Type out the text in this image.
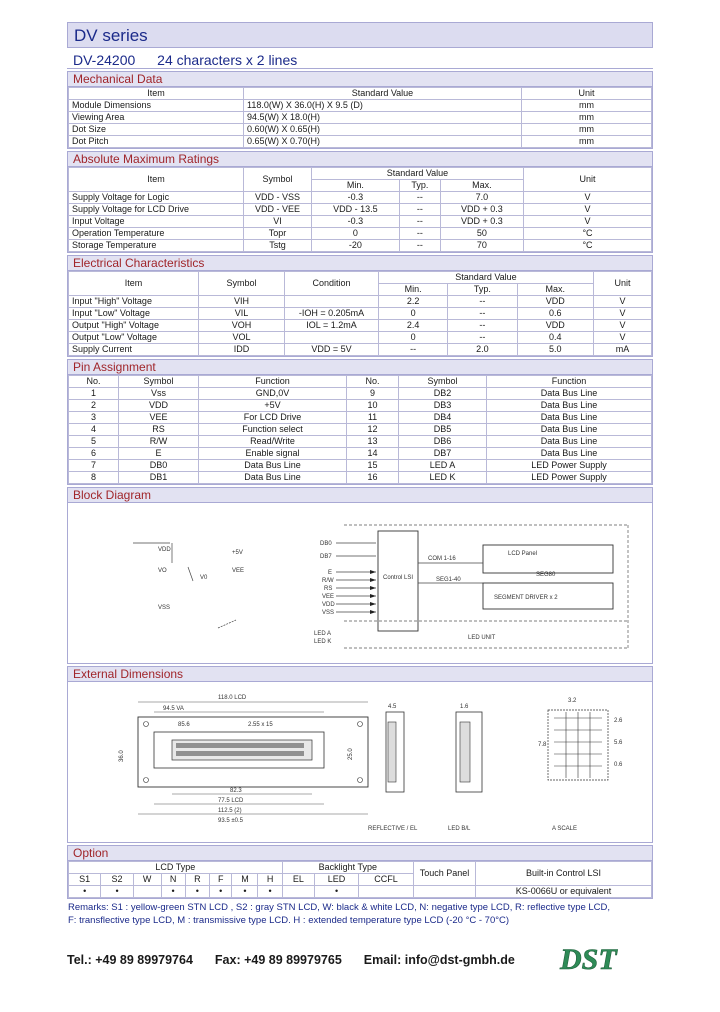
DV series
DV-24200 24 characters x 2 lines
Mechanical Data
Item	Standard Value	Unit
Module Dimensions	118.0(W) X 36.0(H) X 9.5 (D)	mm
Viewing Area	94.5(W) X 18.0(H)	mm
Dot Size	0.60(W) X 0.65(H)	mm
Dot Pitch	0.65(W) X 0.70(H)	mm
Absolute Maximum Ratings
Item	Symbol	Standard Value			Unit
		Min.	Typ.	Max.	
Supply Voltage for Logic	VDD - VSS	-0.3	--	7.0	V
Supply Voltage for LCD Drive	VDD - VEE	VDD - 13.5	--	VDD + 0.3	V
Input Voltage	VI	-0.3	--	VDD + 0.3	V
Operation Temperature	Topr	0	--	50	°C
Storage Temperature	Tstg	-20	--	70	°C
Electrical Characteristics
Item	Symbol	Condition	Standard Value			Unit
			Min.	Typ.	Max.	
Input "High" Voltage	VIH		2.2	--	VDD	V
Input "Low" Voltage	VIL	-IOH = 0.205mA	0	--	0.6	V
Output "High" Voltage	VOH	IOL = 1.2mA	2.4	--	VDD	V
Output "Low" Voltage	VOL		0	--	0.4	V
Supply Current	IDD	VDD = 5V	--	2.0	5.0	mA
Pin Assignment
No.	Symbol	Function	No.	Symbol	Function
1	Vss	GND,0V	9	DB2	Data Bus Line
2	VDD	+5V	10	DB3	Data Bus Line
3	VEE	For LCD Drive	11	DB4	Data Bus Line
4	RS	Function select	12	DB5	Data Bus Line
5	R/W	Read/Write	13	DB6	Data Bus Line
6	E	Enable signal	14	DB7	Data Bus Line
7	DB0	Data Bus Line	15	LED A	LED Power Supply
8	DB1	Data Bus Line	16	LED K	LED Power Supply
Block Diagram
VDD	+5V
VO	VEE
V0
VSS
DB0
DB7
E
R/W
RS
VEE
VDD
VSS
LED A
LED K
Control LSI
LCD Panel
COM 1-16
SEG1-40
SEG80
SEGMENT DRIVER x 2
LED UNIT
External Dimensions
118.0 LCD
94.5 VA
85.6	2.55 x 15
82.3
77.5 LCD
112.5 (2)
93.5 ±0.5
36.0	25.0
4.5
REFLECTIVE / EL
1.6
LED B/L
3.2
2.6
5.6
0.6
7.8
A SCALE
Option
LCD Type								Backlight Type			Touch Panel	Built-in Control LSI
S1	S2	W	N	R	F	M	H	EL	LED	CCFL		
•	•		•	•	•	•	•		•			KS-0066U or equivalent
Remarks: S1 : yellow-green STN LCD , S2 : gray STN LCD, W: black & white LCD, N: negative type LCD, R: reflective type LCD,
F: transflective type LCD, M : transmissive type LCD. H : extended temperature type LCD (-20 °C - 70°C)
Tel.: +49 89 89979764 Fax: +49 89 89979765 Email: info@dst-gmbh.de DST
